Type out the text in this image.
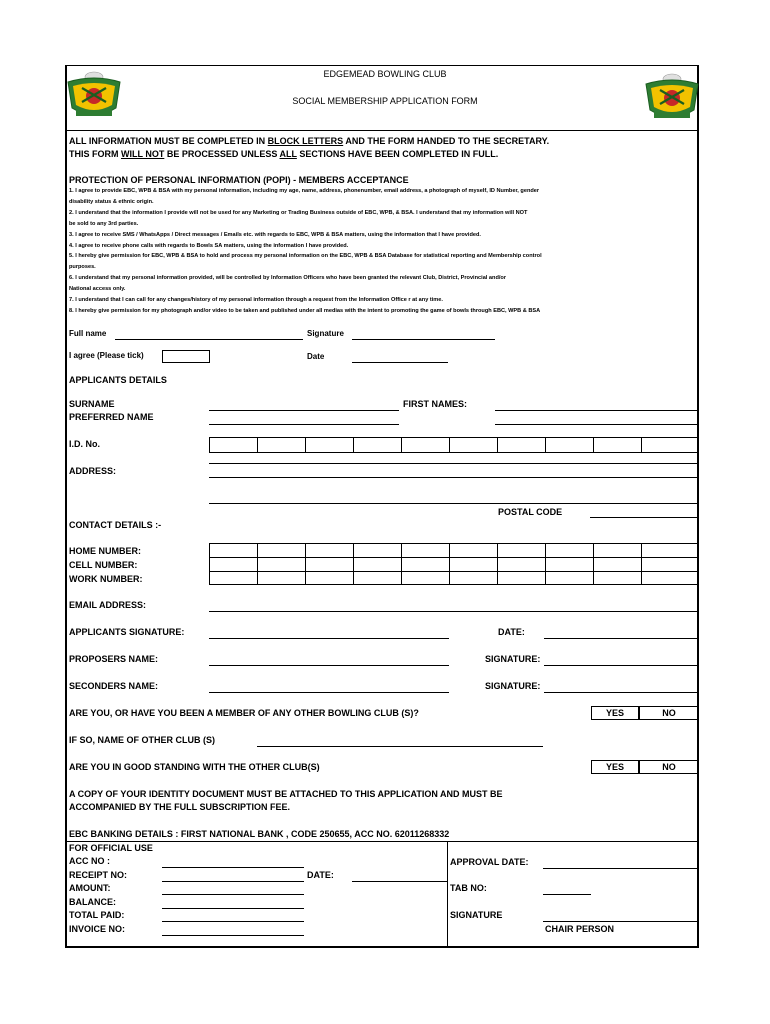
EDGEMEAD BOWLING CLUB
SOCIAL MEMBERSHIP APPLICATION FORM
ALL INFORMATION MUST BE COMPLETED IN BLOCK LETTERS AND THE FORM HANDED TO THE SECRETARY.
THIS FORM WILL NOT BE PROCESSED UNLESS ALL SECTIONS HAVE BEEN COMPLETED IN FULL.
PROTECTION OF PERSONAL INFORMATION (POPI) - MEMBERS ACCEPTANCE
1. I agree to provide EBC, WPB & BSA with my personal information, including my age, name, address, phonenumber, email address, a photograph of myself, ID Number, gender
disability status & ethnic origin.
2. I understand that the information I provide will not be used for any Marketing or Trading Business outside of EBC, WPB, & BSA. I understand that my information will NOT
be sold to any 3rd parties.
3. I agree to receive SMS / WhatsApps / Direct messages / Emails etc. with regards to EBC, WPB & BSA matters, using the information that I have provided.
4. I agree to receive phone calls with regards to Bowls SA matters, using the information I have provided.
5. I hereby give permission for EBC, WPB & BSA to hold and process my personal information on the EBC, WPB & BSA Database for statistical reporting and Membership control
purposes.
6. I understand that my personal information provided, will be controlled by Information Officers who have been granted the relevant Club, District, Provincial and/or
National access only.
7. I understand that I can call for any changes/history of my personal information through a request from the Information Office r at any time.
8. I hereby give permission for my photograph and/or video to be taken and published under all medias with the intent to promoting the game of bowls through EBC, WPB & BSA
Full name	Signature
I agree (Please tick)	Date
APPLICANTS DETAILS
SURNAME	FIRST NAMES:
PREFERRED NAME
I.D. No.
ADDRESS:
POSTAL CODE
CONTACT DETAILS :-
HOME NUMBER:
CELL NUMBER:
WORK NUMBER:
EMAIL ADDRESS:
APPLICANTS SIGNATURE:	DATE:
PROPOSERS NAME:	SIGNATURE:
SECONDERS NAME:	SIGNATURE:
ARE YOU, OR HAVE YOU BEEN A MEMBER OF ANY OTHER BOWLING CLUB (S)?	YES	NO
IF SO, NAME OF OTHER CLUB (S)
ARE YOU IN GOOD STANDING WITH THE OTHER CLUB(S)	YES	NO
A COPY OF YOUR IDENTITY DOCUMENT MUST BE ATTACHED TO THIS APPLICATION AND MUST BE
ACCOMPANIED BY THE FULL SUBSCRIPTION FEE.
EBC BANKING DETAILS : FIRST NATIONAL BANK , CODE 250655, ACC NO. 62011268332
FOR OFFICIAL USE
ACC NO :
RECEIPT NO:	DATE:
AMOUNT:
BALANCE:
TOTAL PAID:
INVOICE NO:
APPROVAL DATE:
TAB NO:
SIGNATURE
CHAIR PERSON
